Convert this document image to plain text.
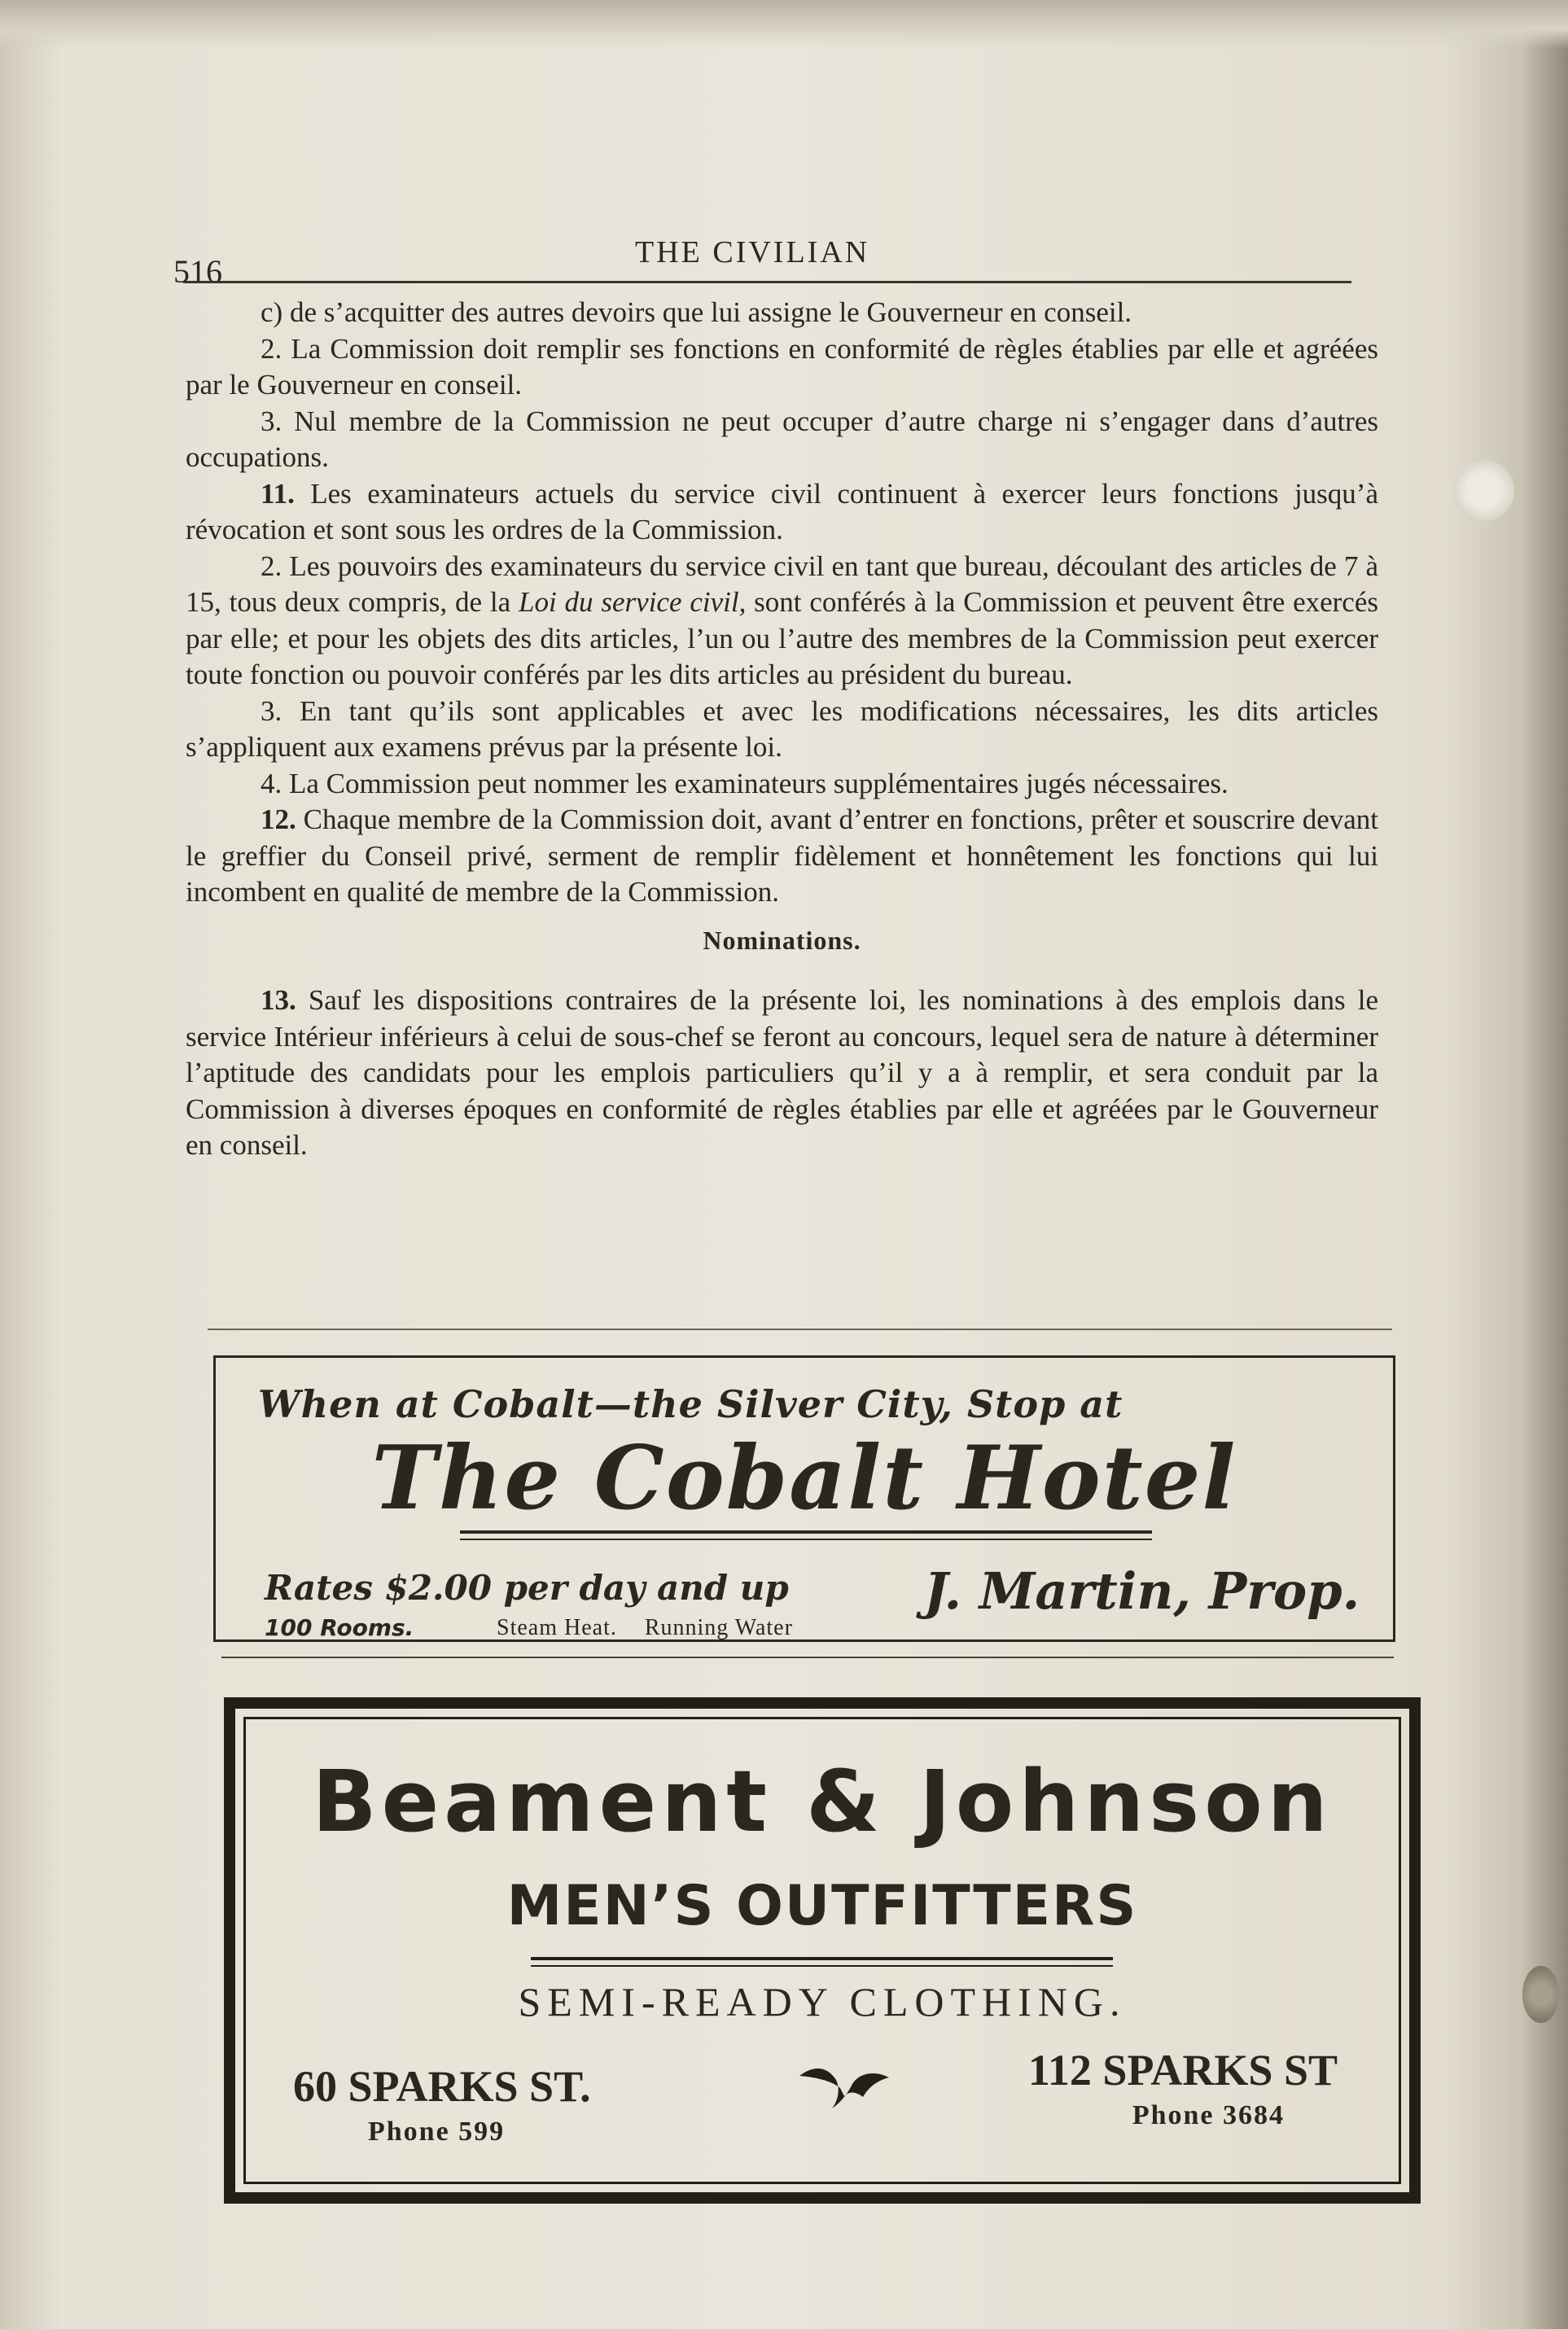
516
THE CIVILIAN

c) de s’acquitter des autres devoirs que lui assigne le Gouverneur en conseil.

2. La Commission doit remplir ses fonctions en conformité de règles établies par elle et agréées par le Gouverneur en conseil.

3. Nul membre de la Commission ne peut occuper d’autre charge ni s’engager dans d’autres occupations.

11. Les examinateurs actuels du service civil continuent à exercer leurs fonctions jusqu’à révocation et sont sous les ordres de la Commission.

2. Les pouvoirs des examinateurs du service civil en tant que bureau, découlant des articles de 7 à 15, tous deux compris, de la Loi du service civil, sont conférés à la Commission et peuvent être exercés par elle; et pour les objets des dits articles, l’un ou l’autre des membres de la Commission peut exercer toute fonction ou pouvoir conférés par les dits articles au président du bureau.

3. En tant qu’ils sont applicables et avec les modifications nécessaires, les dits articles s’appliquent aux examens prévus par la présente loi.

4. La Commission peut nommer les examinateurs supplémentaires jugés nécessaires.

12. Chaque membre de la Commission doit, avant d’entrer en fonctions, prêter et souscrire devant le greffier du Conseil privé, serment de remplir fidèlement et honnêtement les fonctions qui lui incombent en qualité de membre de la Commission.

Nominations.

13. Sauf les dispositions contraires de la présente loi, les nominations à des emplois dans le service Intérieur inférieurs à celui de sous-chef se feront au concours, lequel sera de nature à déterminer l’aptitude des candidats pour les emplois particuliers qu’il y a à remplir, et sera conduit par la Commission à diverses époques en conformité de règles établies par elle et agréées par le Gouverneur en conseil.

When at Cobalt—the Silver City, Stop at
The Cobalt Hotel
Rates $2.00 per day and up
100 Rooms.	Steam Heat. Running Water
J. Martin, Prop.
Beament & Johnson
MEN’S OUTFITTERS
SEMI-READY CLOTHING.
60 SPARKS ST.
Phone 599
112 SPARKS ST
Phone 3684
